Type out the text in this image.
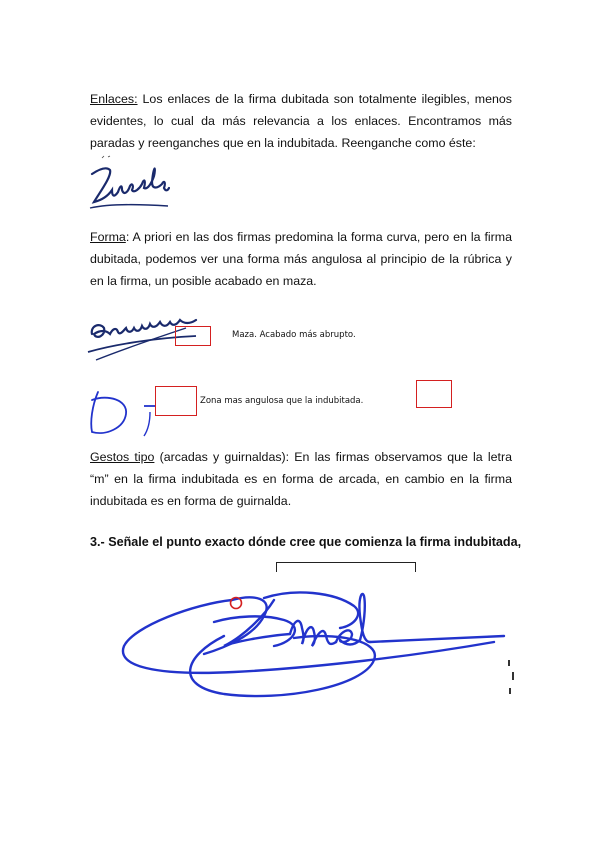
Enlaces: Los enlaces de la firma dubitada son totalmente ilegibles, menos evidentes, lo cual da más relevancia a los enlaces. Encontramos más paradas y reenganches que en la indubitada. Reenganche como éste:
Forma: A priori en las dos firmas predomina la forma curva, pero en la firma dubitada, podemos ver una forma más angulosa al principio de la rúbrica y en la firma, un posible acabado en maza.
Maza. Acabado más abrupto.
Zona mas angulosa que la indubitada.
Gestos tipo (arcadas y guirnaldas): En las firmas observamos que la letra “m” en la firma indubitada es en forma de arcada, en cambio en la firma indubitada es en forma de guirnalda.
3.- Señale el punto exacto dónde cree que comienza la firma indubitada,
